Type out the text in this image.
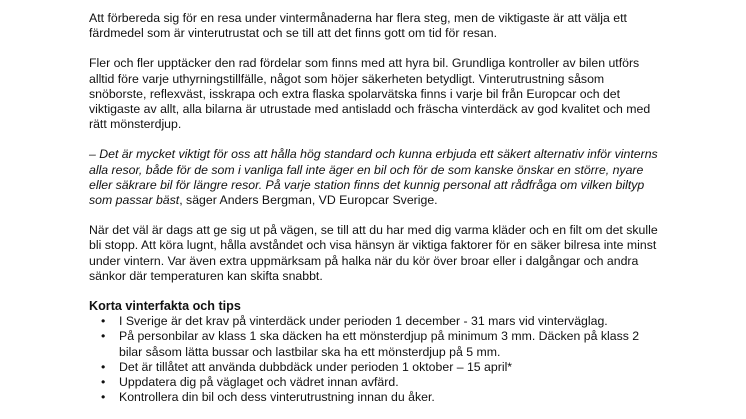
Att förbereda sig för en resa under vintermånaderna har flera steg, men de viktigaste är att välja ett färdmedel som är vinterutrustat och se till att det finns gott om tid för resan.

Fler och fler upptäcker den rad fördelar som finns med att hyra bil. Grundliga kontroller av bilen utförs alltid före varje uthyrningstillfälle, något som höjer säkerheten betydligt. Vinterutrustning såsom snöborste, reflexväst, isskrapa och extra flaska spolarvätska finns i varje bil från Europcar och det viktigaste av allt, alla bilarna är utrustade med antisladd och fräscha vinterdäck av god kvalitet och med rätt mönsterdjup.

– Det är mycket viktigt för oss att hålla hög standard och kunna erbjuda ett säkert alternativ inför vinterns alla resor, både för de som i vanliga fall inte äger en bil och för de som kanske önskar en större, nyare eller säkrare bil för längre resor. På varje station finns det kunnig personal att rådfråga om vilken biltyp som passar bäst, säger Anders Bergman, VD Europcar Sverige.

När det väl är dags att ge sig ut på vägen, se till att du har med dig varma kläder och en filt om det skulle bli stopp. Att köra lugnt, hålla avståndet och visa hänsyn är viktiga faktorer för en säker bilresa inte minst under vintern. Var även extra uppmärksam på halka när du kör över broar eller i dalgångar och andra sänkor där temperaturen kan skifta snabbt.

Korta vinterfakta och tips
• I Sverige är det krav på vinterdäck under perioden 1 december - 31 mars vid vinterväglag.
• På personbilar av klass 1 ska däcken ha ett mönsterdjup på minimum 3 mm. Däcken på klass 2 bilar såsom lätta bussar och lastbilar ska ha ett mönsterdjup på 5 mm.
• Det är tillåtet att använda dubbdäck under perioden 1 oktober – 15 april*
• Uppdatera dig på väglaget och vädret innan avfärd.
• Kontrollera din bil och dess vinterutrustning innan du åker.
